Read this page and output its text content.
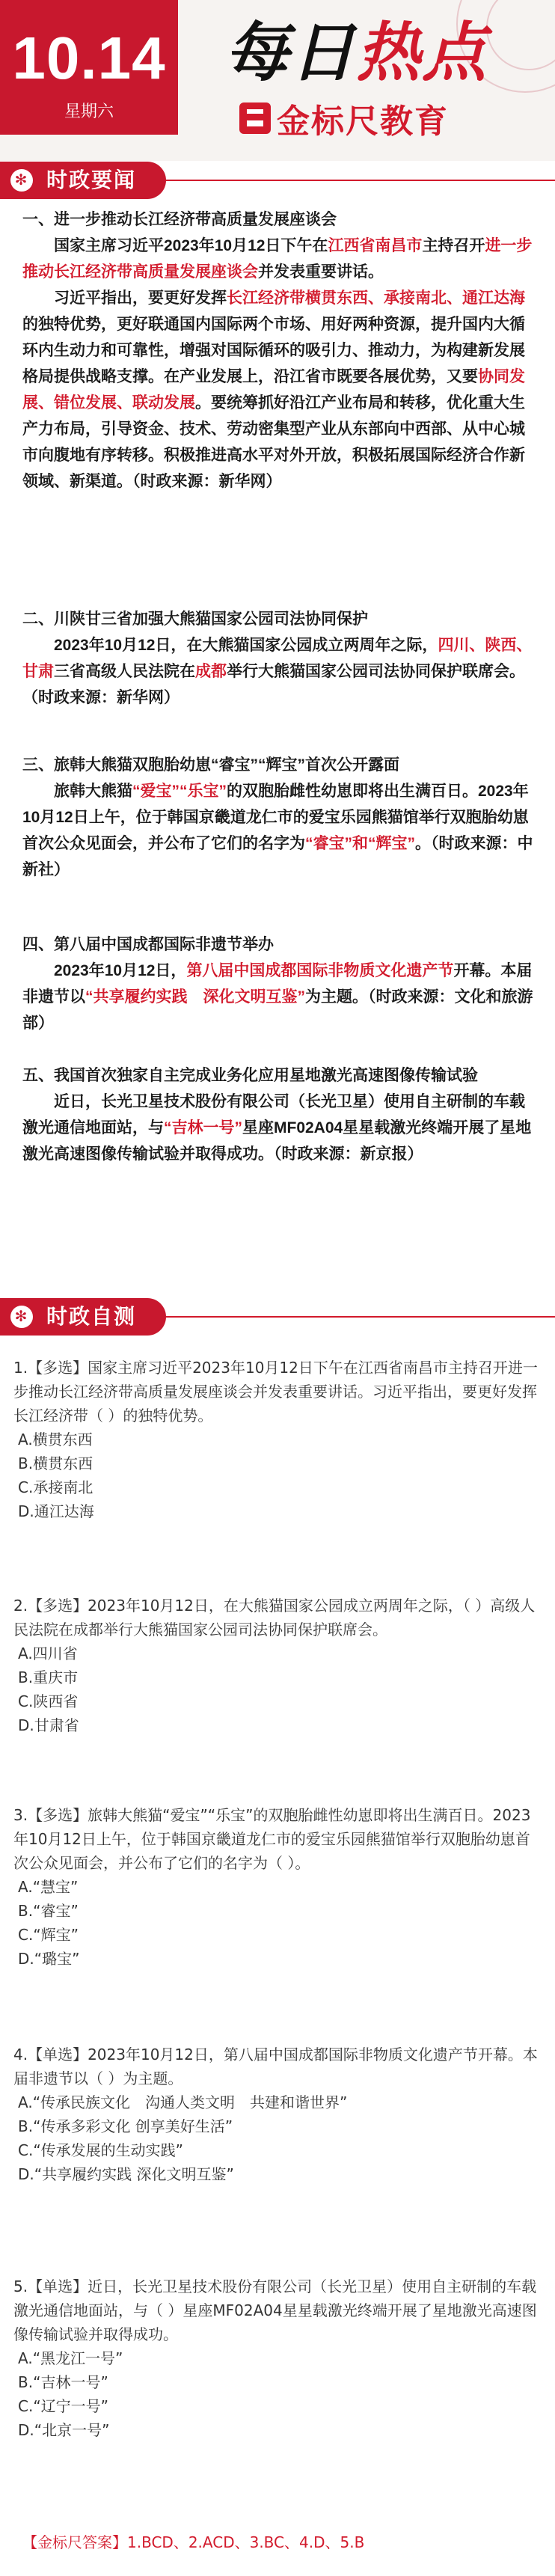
10.14
星期六
每日热点
金标尺教育
✻ 时政要闻

一、进一步推动长江经济带高质量发展座谈会

国家主席习近平2023年10月12日下午在江西省南昌市主持召开进一步推动长江经济带高质量发展座谈会并发表重要讲话。

习近平指出，要更好发挥长江经济带横贯东西、承接南北、通江达海的独特优势，更好联通国内国际两个市场、用好两种资源，提升国内大循环内生动力和可靠性，增强对国际循环的吸引力、推动力，为构建新发展格局提供战略支撑。在产业发展上，沿江省市既要各展优势，又要协同发展、错位发展、联动发展。要统筹抓好沿江产业布局和转移，优化重大生产力布局，引导资金、技术、劳动密集型产业从东部向中西部、从中心城市向腹地有序转移。积极推进高水平对外开放，积极拓展国际经济合作新领域、新渠道。（时政来源：新华网）

二、川陕甘三省加强大熊猫国家公园司法协同保护

2023年10月12日，在大熊猫国家公园成立两周年之际，四川、陕西、甘肃三省高级人民法院在成都举行大熊猫国家公园司法协同保护联席会。（时政来源：新华网）

三、旅韩大熊猫双胞胎幼崽“睿宝”“辉宝”首次公开露面

旅韩大熊猫“爱宝”“乐宝”的双胞胎雌性幼崽即将出生满百日。2023年10月12日上午，位于韩国京畿道龙仁市的爱宝乐园熊猫馆举行双胞胎幼崽首次公众见面会，并公布了它们的名字为“睿宝”和“辉宝”。（时政来源：中新社）

四、第八届中国成都国际非遗节举办

2023年10月12日，第八届中国成都国际非物质文化遗产节开幕。本届非遗节以“共享履约实践　深化文明互鉴”为主题。（时政来源：文化和旅游部）

五、我国首次独家自主完成业务化应用星地激光高速图像传输试验

近日，长光卫星技术股份有限公司（长光卫星）使用自主研制的车载激光通信地面站，与“吉林一号”星座MF02A04星星载激光终端开展了星地激光高速图像传输试验并取得成功。（时政来源：新京报）

✻ 时政自测

1.【多选】国家主席习近平2023年10月12日下午在江西省南昌市主持召开进一步推动长江经济带高质量发展座谈会并发表重要讲话。习近平指出，要更好发挥长江经济带（ ）的独特优势。

A.横贯东西

B.横贯东西

C.承接南北

D.通江达海

2.【多选】2023年10月12日，在大熊猫国家公园成立两周年之际，（ ）高级人民法院在成都举行大熊猫国家公园司法协同保护联席会。

A.四川省

B.重庆市

C.陕西省

D.甘肃省

3.【多选】旅韩大熊猫“爱宝”“乐宝”的双胞胎雌性幼崽即将出生满百日。2023年10月12日上午，位于韩国京畿道龙仁市的爱宝乐园熊猫馆举行双胞胎幼崽首次公众见面会，并公布了它们的名字为（ ）。

A.“慧宝”

B.“睿宝”

C.“辉宝”

D.“璐宝”

4.【单选】2023年10月12日，第八届中国成都国际非物质文化遗产节开幕。本届非遗节以（ ）为主题。

A.“传承民族文化　沟通人类文明　共建和谐世界”

B.“传承多彩文化 创享美好生活”

C.“传承发展的生动实践”

D.“共享履约实践 深化文明互鉴”

5.【单选】近日，长光卫星技术股份有限公司（长光卫星）使用自主研制的车载激光通信地面站，与（ ）星座MF02A04星星载激光终端开展了星地激光高速图像传输试验并取得成功。

A.“黑龙江一号”

B.“吉林一号”

C.“辽宁一号”

D.“北京一号”

【金标尺答案】1.BCD、2.ACD、3.BC、4.D、5.B
